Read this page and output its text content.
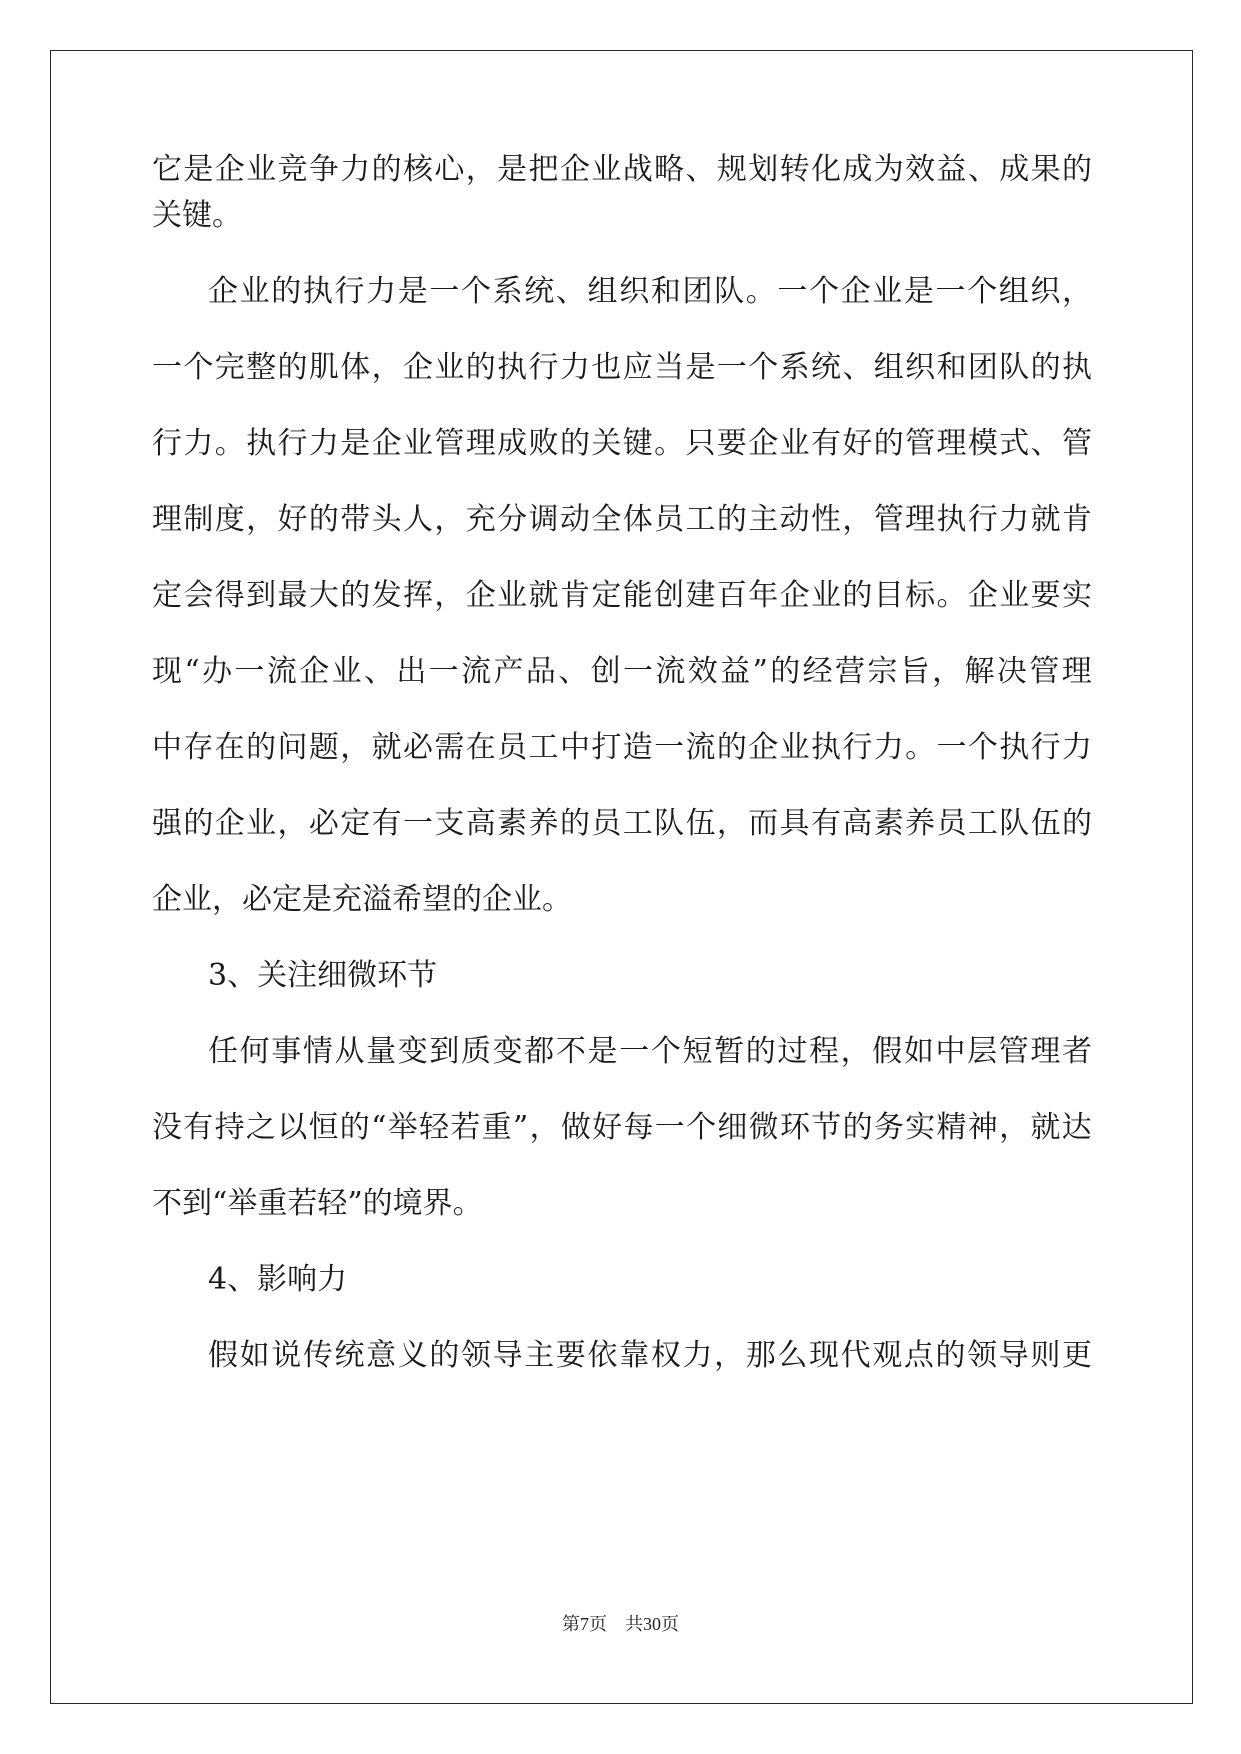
它是企业竞争力的核心，是把企业战略、规划转化成为效益、成果的
关键。
企业的执行力是一个系统、组织和团队。一个企业是一个组织，
一个完整的肌体，企业的执行力也应当是一个系统、组织和团队的执
行力。执行力是企业管理成败的关键。只要企业有好的管理模式、管
理制度，好的带头人，充分调动全体员工的主动性，管理执行力就肯
定会得到最大的发挥，企业就肯定能创建百年企业的目标。企业要实
现“办一流企业、出一流产品、创一流效益”的经营宗旨，解决管理
中存在的问题，就必需在员工中打造一流的企业执行力。一个执行力
强的企业，必定有一支高素养的员工队伍，而具有高素养员工队伍的
企业，必定是充溢希望的企业。
3、关注细微环节
任何事情从量变到质变都不是一个短暂的过程，假如中层管理者
没有持之以恒的“举轻若重”，做好每一个细微环节的务实精神，就达
不到“举重若轻”的境界。
4、影响力
假如说传统意义的领导主要依靠权力，那么现代观点的领导则更
第7页　共30页
